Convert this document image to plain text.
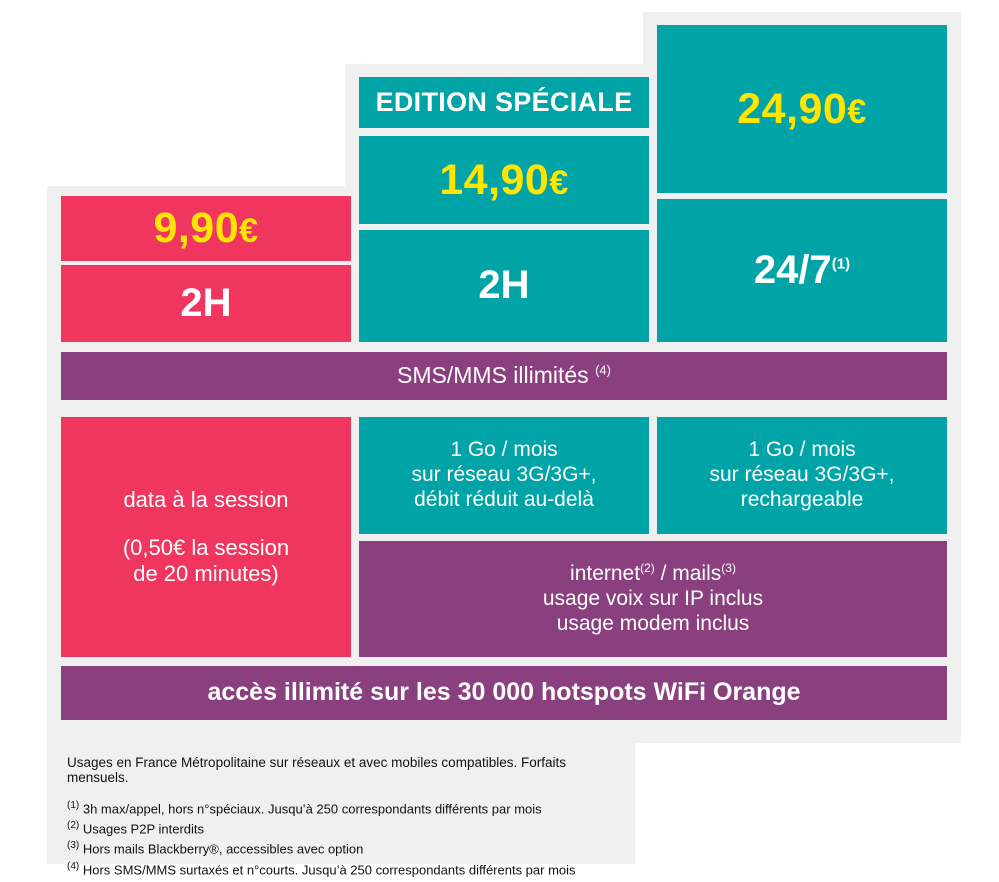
9,90€
2H
EDITION SPÉCIALE
14,90€
2H
24,90€
24/7$^{(1)}$
SMS/MMS illimités $^{(4)}$
data à la session
(0,50€ la session
de 20 minutes)
1 Go / mois
sur réseau 3G/3G+,
débit réduit au-delà
1 Go / mois
sur réseau 3G/3G+,
rechargeable
internet$^{(2)}$ / mails$^{(3)}$
usage voix sur IP inclus
usage modem inclus
accès illimité sur les 30 000 hotspots WiFi Orange
Usages en France Métropolitaine sur réseaux et avec mobiles compatibles. Forfaits mensuels.
$^{(1)}$ 3h max/appel, hors n°spéciaux. Jusqu’à 250 correspondants différents par mois
$^{(2)}$ Usages P2P interdits
$^{(3)}$ Hors mails Blackberry®, accessibles avec option
$^{(4)}$ Hors SMS/MMS surtaxés et n°courts. Jusqu’à 250 correspondants différents par mois
